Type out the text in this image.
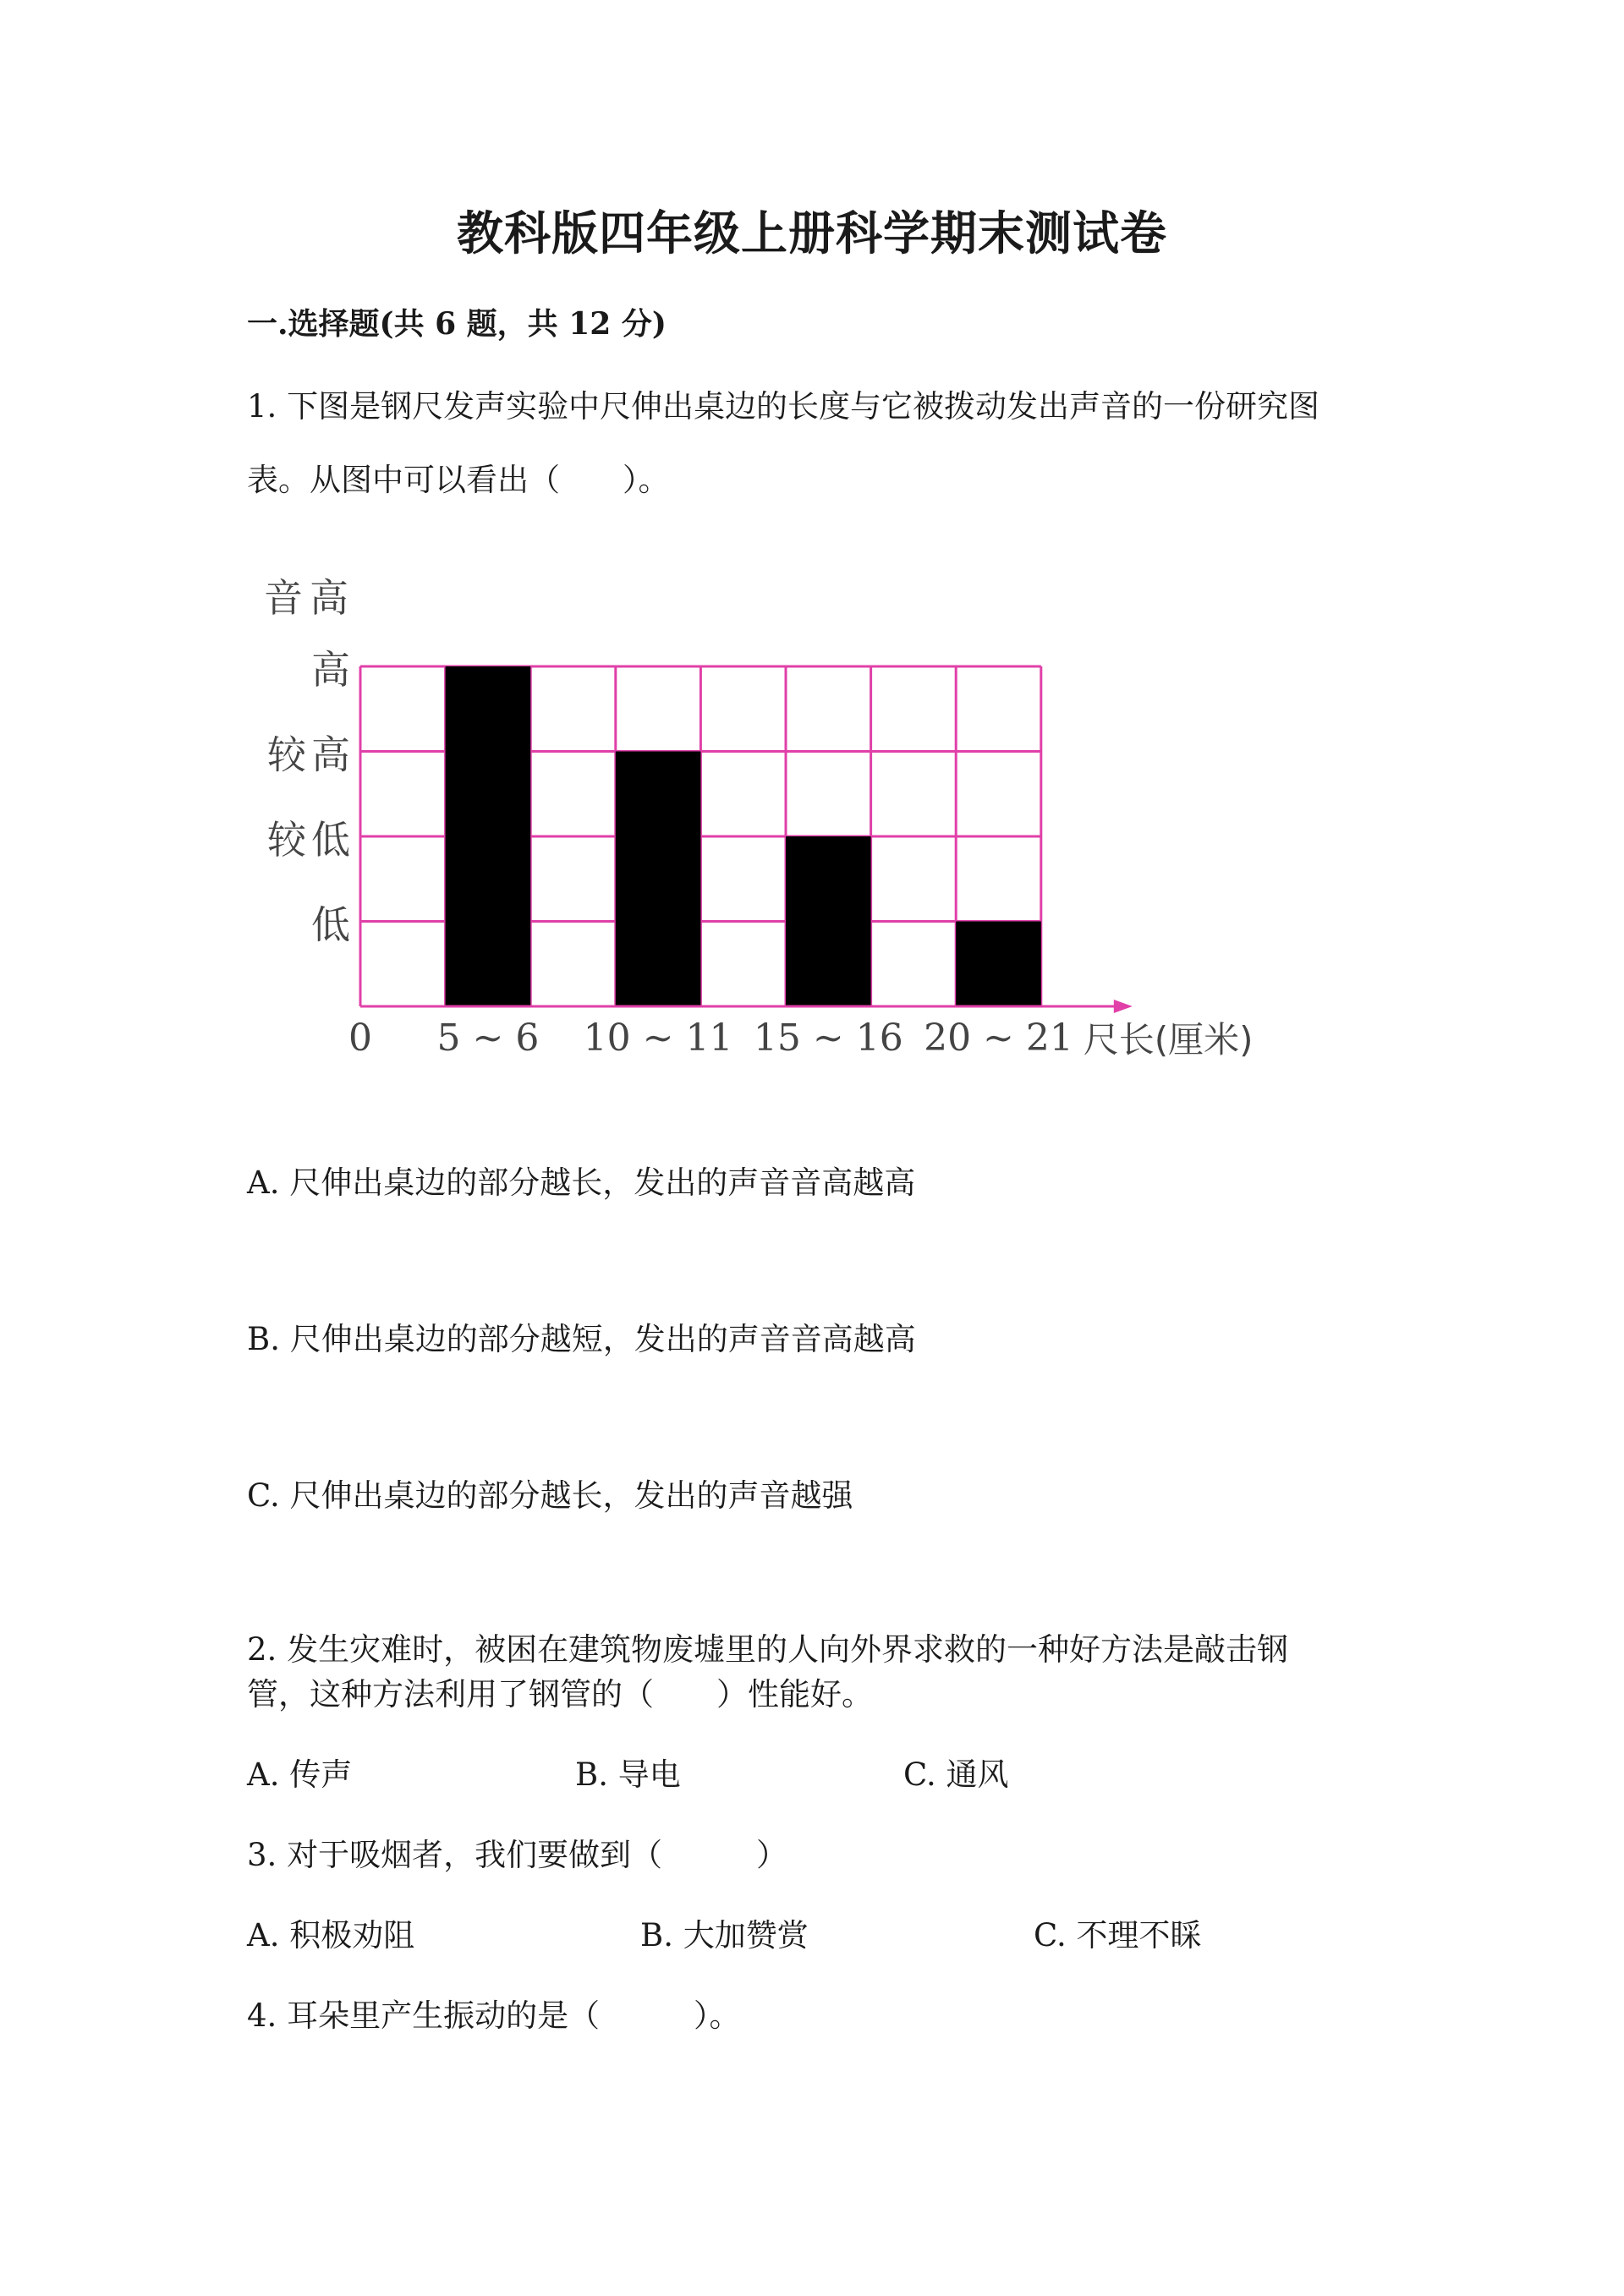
教科版四年级上册科学期末测试卷
一.选择题(共 6 题，共 12 分)
1. 下图是钢尺发声实验中尺伸出桌边的长度与它被拨动发出声音的一份研究图
表。从图中可以看出（　　）。
音高
低
较低
较高
高
0 5 ~ 6 10 ~ 11 15 ~ 16 20 ~ 21 尺长(厘米)
A. 尺伸出桌边的部分越长，发出的声音音高越高
B. 尺伸出桌边的部分越短，发出的声音音高越高
C. 尺伸出桌边的部分越长，发出的声音越强
2. 发生灾难时，被困在建筑物废墟里的人向外界求救的一种好方法是敲击钢
管，这种方法利用了钢管的（　　）性能好。
A. 传声	B. 导电	C. 通风
3. 对于吸烟者，我们要做到（　　　）
A. 积极劝阻	B. 大加赞赏	C. 不理不睬
4. 耳朵里产生振动的是（　　　）。
